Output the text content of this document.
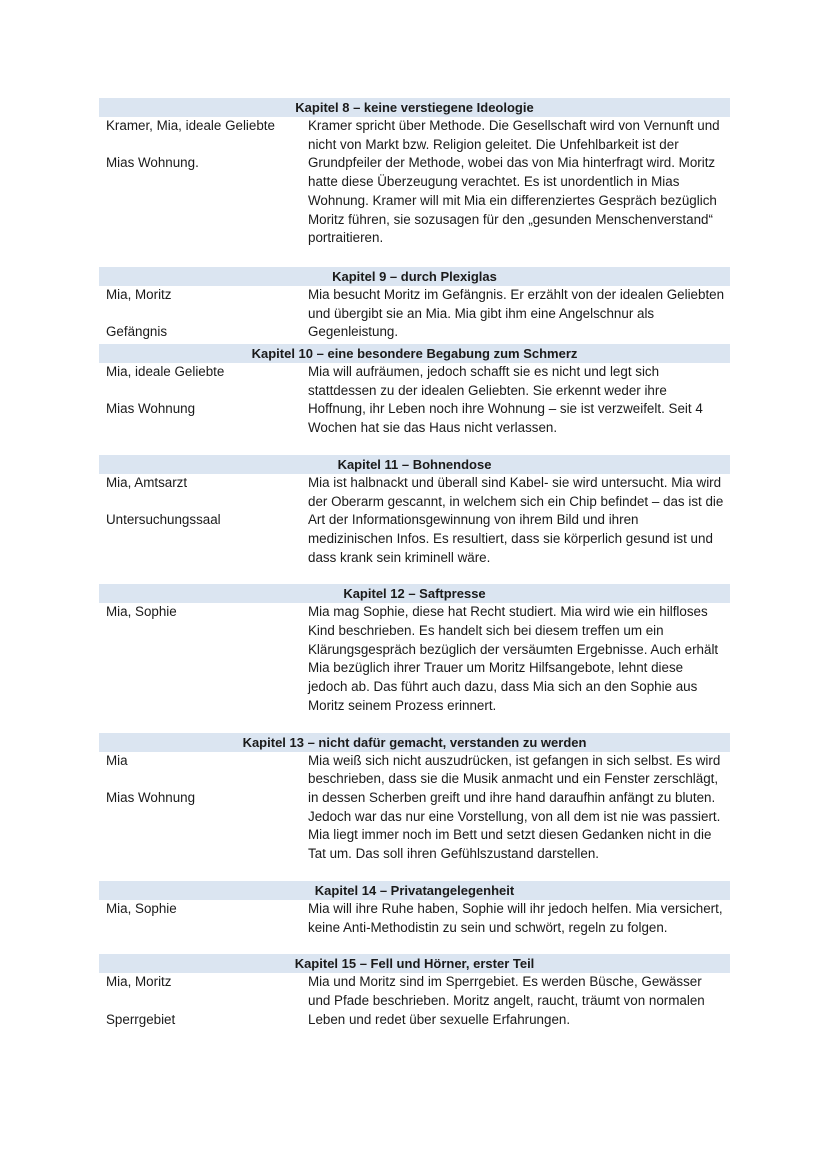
Kapitel 8 – keine verstiegene Ideologie
Kramer, Mia, ideale Geliebte
Mias Wohnung.
Kramer spricht über Methode. Die Gesellschaft wird von Vernunft und nicht von Markt bzw. Religion geleitet. Die Unfehlbarkeit ist der Grundpfeiler der Methode, wobei das von Mia hinterfragt wird. Moritz hatte diese Überzeugung verachtet. Es ist unordentlich in Mias Wohnung. Kramer will mit Mia ein differenziertes Gespräch bezüglich Moritz führen, sie sozusagen für den „gesunden Menschenverstand“ portraitieren.
Kapitel 9 – durch Plexiglas
Mia, Moritz
Gefängnis
Mia besucht Moritz im Gefängnis. Er erzählt von der idealen Geliebten und übergibt sie an Mia. Mia gibt ihm eine Angelschnur als Gegenleistung.
Kapitel 10 – eine besondere Begabung zum Schmerz
Mia, ideale Geliebte
Mias Wohnung
Mia will aufräumen, jedoch schafft sie es nicht und legt sich stattdessen zu der idealen Geliebten. Sie erkennt weder ihre Hoffnung, ihr Leben noch ihre Wohnung – sie ist verzweifelt. Seit 4 Wochen hat sie das Haus nicht verlassen.
Kapitel 11 – Bohnendose
Mia, Amtsarzt
Untersuchungssaal
Mia ist halbnackt und überall sind Kabel- sie wird untersucht. Mia wird der Oberarm gescannt, in welchem sich ein Chip befindet – das ist die Art der Informationsgewinnung von ihrem Bild und ihren medizinischen Infos. Es resultiert, dass sie körperlich gesund ist und dass krank sein kriminell wäre.
Kapitel 12 – Saftpresse
Mia, Sophie	Mia mag Sophie, diese hat Recht studiert. Mia wird wie ein hilfloses Kind beschrieben. Es handelt sich bei diesem treffen um ein Klärungsgespräch bezüglich der versäumten Ergebnisse. Auch erhält Mia bezüglich ihrer Trauer um Moritz Hilfsangebote, lehnt diese jedoch ab. Das führt auch dazu, dass Mia sich an den Sophie aus Moritz seinem Prozess erinnert.
Kapitel 13 – nicht dafür gemacht, verstanden zu werden
Mia
Mias Wohnung
Mia weiß sich nicht auszudrücken, ist gefangen in sich selbst. Es wird beschrieben, dass sie die Musik anmacht und ein Fenster zerschlägt, in dessen Scherben greift und ihre hand daraufhin anfängt zu bluten. Jedoch war das nur eine Vorstellung, von all dem ist nie was passiert. Mia liegt immer noch im Bett und setzt diesen Gedanken nicht in die Tat um. Das soll ihren Gefühlszustand darstellen.
Kapitel 14 – Privatangelegenheit
Mia, Sophie	Mia will ihre Ruhe haben, Sophie will ihr jedoch helfen. Mia versichert, keine Anti-Methodistin zu sein und schwört, regeln zu folgen.
Kapitel 15 – Fell und Hörner, erster Teil
Mia, Moritz
Sperrgebiet
Mia und Moritz sind im Sperrgebiet. Es werden Büsche, Gewässer und Pfade beschrieben. Moritz angelt, raucht, träumt von normalen Leben und redet über sexuelle Erfahrungen.
